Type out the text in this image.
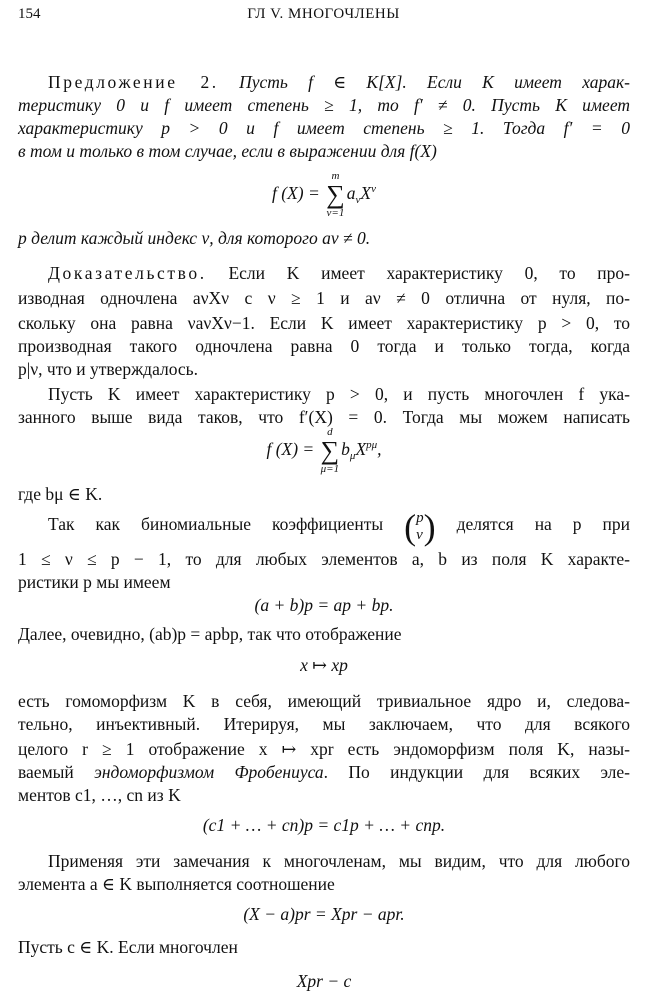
154	ГЛ V. МНОГОЧЛЕНЫ
Предложение 2. Пусть f ∈ K[X]. Если K имеет харак-
теристику 0 и f имеет степень ≥ 1, то f′ ≠ 0. Пусть K имеет
характеристику p > 0 и f имеет степень ≥ 1. Тогда f′ = 0
в том и только в том случае, если в выражении для f(X)
f (X) =
m
∑
ν=1
$a_\nu X^\nu$
p делит каждый индекс ν, для которого aν ≠ 0.
Доказательство. Если K имеет характеристику 0, то про-
изводная одночлена aνXν с ν ≥ 1 и aν ≠ 0 отлична от нуля, по-
скольку она равна νaνXν−1. Если K имеет характеристику p > 0, то
производная такого одночлена равна 0 тогда и только тогда, когда
p|ν, что и утверждалось.
Пусть K имеет характеристику p > 0, и пусть многочлен f ука-
занного выше вида таков, что f′(X) = 0. Тогда мы можем написать
f (X) =
d
∑
μ=1
$b_\mu X^{p\mu}$,
где bμ ∈ K.
Так как биномиальные коэффициенты (p
ν) делятся на p при
1 ≤ ν ≤ p − 1, то для любых элементов a, b из поля K характе-
ристики p мы имеем
(a + b)p = ap + bp.
Далее, очевидно, (ab)p = apbp, так что отображение
x ↦ xp
есть гомоморфизм K в себя, имеющий тривиальное ядро и, следова-
тельно, инъективный. Итерируя, мы заключаем, что для всякого
целого r ≥ 1 отображение x ↦ xpr есть эндоморфизм поля K, назы-
ваемый эндоморфизмом Фробениуса. По индукции для всяких эле-
ментов c1, …, cn из K
(c1 + … + cn)p = c1p + … + cnp.
Применяя эти замечания к многочленам, мы видим, что для любого
элемента a ∈ K выполняется соотношение
(X − a)pr = Xpr − apr.
Пусть c ∈ K. Если многочлен
Xpr − c
